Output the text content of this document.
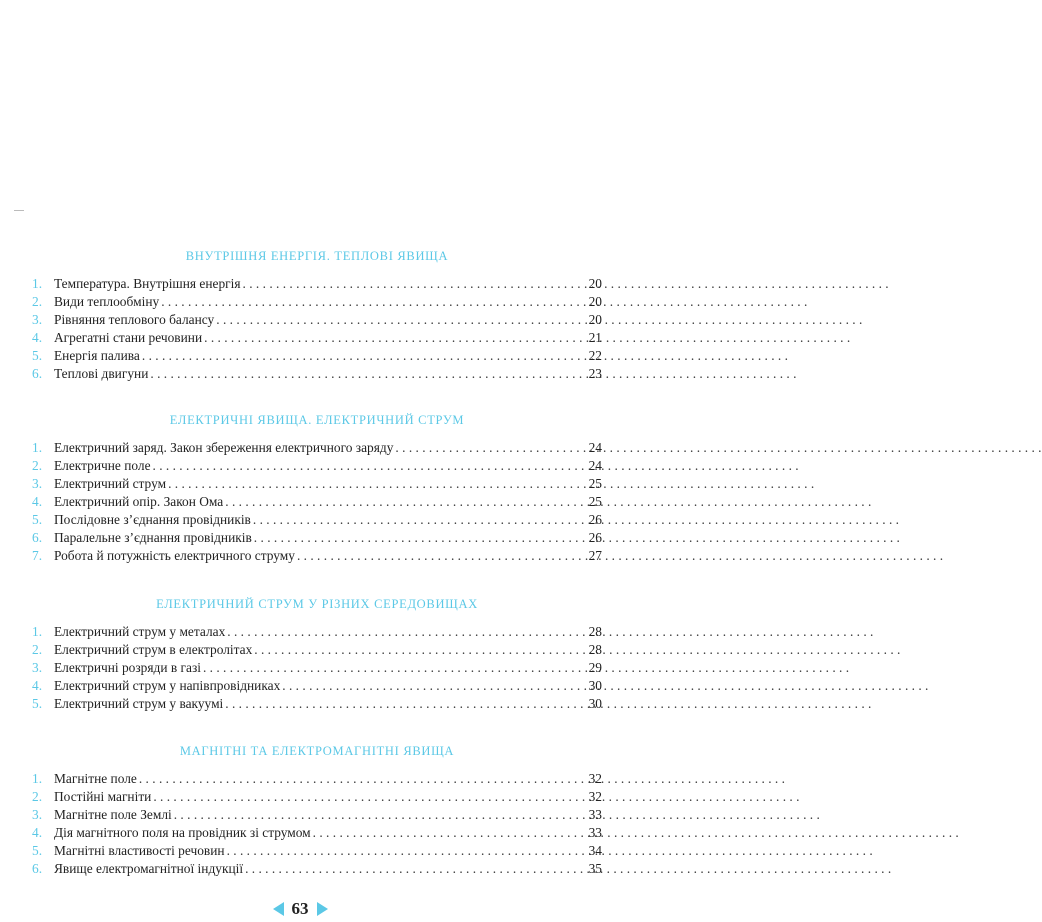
ВНУТРІШНЯ ЕНЕРГІЯ. ТЕПЛОВІ ЯВИЩА
1. Температура. Внутрішня енергія . . .	20
2. Види теплообміну . . .	20
3. Рівняння теплового балансу . . .	20
4. Агрегатні стани речовини . . .	21
5. Енергія палива . . .	22
6. Теплові двигуни . . .	23
ЕЛЕКТРИЧНІ ЯВИЩА. ЕЛЕКТРИЧНИЙ СТРУМ
1. Електричний заряд. Закон збереження електричного заряду . . .	24
2. Електричне поле . . .	24
3. Електричний струм . . .	25
4. Електричний опір. Закон Ома . . .	25
5. Послідовне з’єднання провідників . . .	26
6. Паралельне з’єднання провідників . . .	26
7. Робота й потужність електричного струму . . .	27
ЕЛЕКТРИЧНИЙ СТРУМ У РІЗНИХ СЕРЕДОВИЩАХ
1. Електричний струм у металах . . .	28
2. Електричний струм в електролітах . . .	28
3. Електричні розряди в газі . . .	29
4. Електричний струм у напівпровідниках . . .	30
5. Електричний струм у вакуумі . . .	30
МАГНІТНІ ТА ЕЛЕКТРОМАГНІТНІ ЯВИЩА
1. Магнітне поле . . .	32
2. Постійні магніти . . .	32
3. Магнітне поле Землі . . .	33
4. Дія магнітного поля на провідник зі струмом . . .	33
5. Магнітні властивості речовин . . .	34
6. Явище електромагнітної індукції . . .	35
63
